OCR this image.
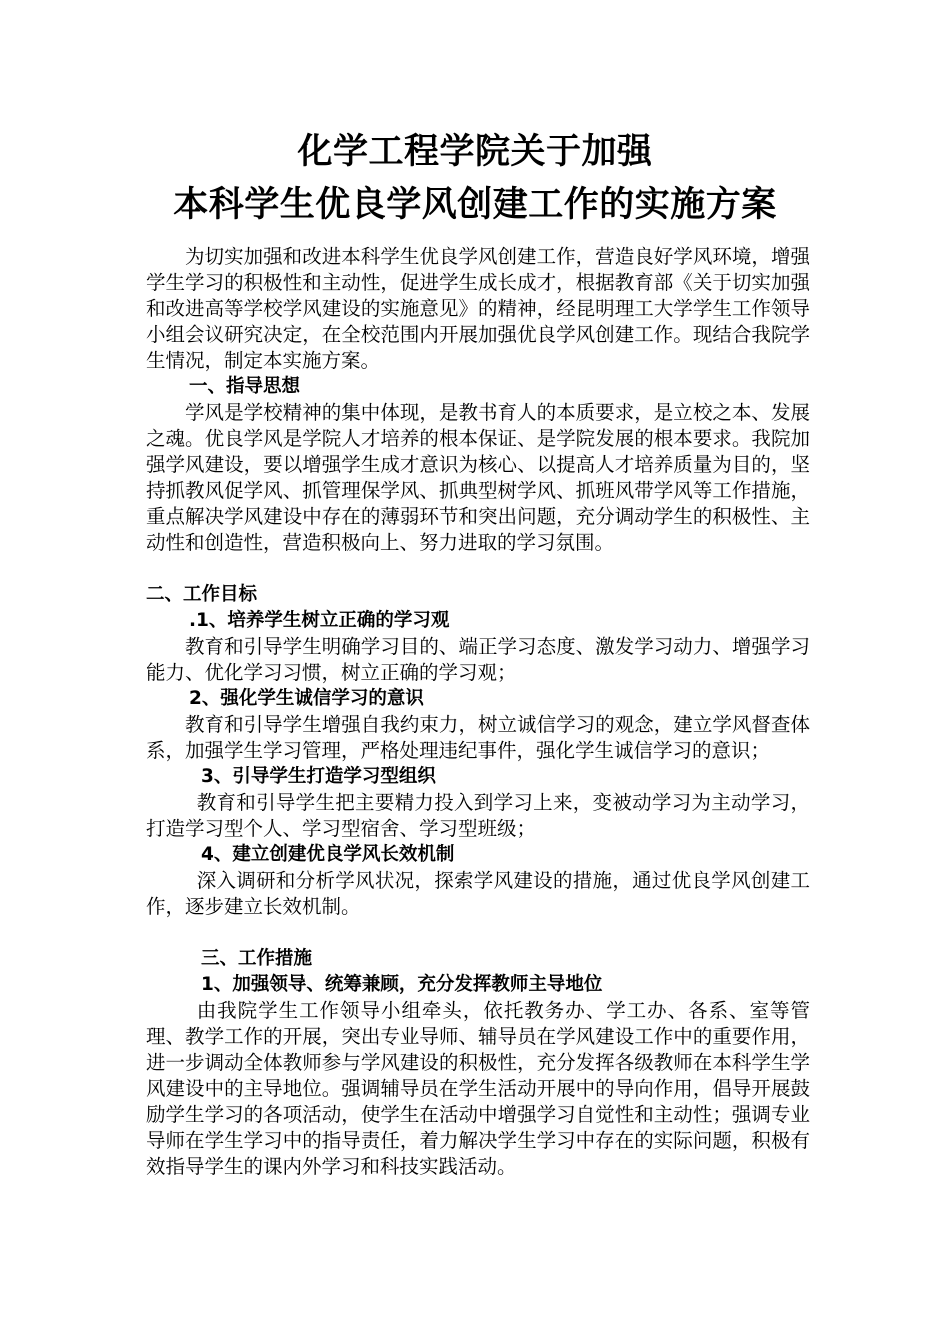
化学工程学院关于加强
本科学生优良学风创建工作的实施方案

为切实加强和改进本科学生优良学风创建工作，营造良好学风环境，增强学生学习的积极性和主动性，促进学生成长成才，根据教育部《关于切实加强和改进高等学校学风建设的实施意见》的精神，经昆明理工大学学生工作领导小组会议研究决定，在全校范围内开展加强优良学风创建工作。现结合我院学生情况，制定本实施方案。

一、指导思想

学风是学校精神的集中体现，是教书育人的本质要求，是立校之本、发展之魂。优良学风是学院人才培养的根本保证、是学院发展的根本要求。我院加强学风建设，要以增强学生成才意识为核心、以提高人才培养质量为目的，坚持抓教风促学风、抓管理保学风、抓典型树学风、抓班风带学风等工作措施，重点解决学风建设中存在的薄弱环节和突出问题，充分调动学生的积极性、主动性和创造性，营造积极向上、努力进取的学习氛围。

二、工作目标

.1、培养学生树立正确的学习观

教育和引导学生明确学习目的、端正学习态度、激发学习动力、增强学习能力、优化学习习惯，树立正确的学习观；

2、强化学生诚信学习的意识

教育和引导学生增强自我约束力，树立诚信学习的观念，建立学风督查体系，加强学生学习管理，严格处理违纪事件，强化学生诚信学习的意识；

3、引导学生打造学习型组织

教育和引导学生把主要精力投入到学习上来，变被动学习为主动学习，打造学习型个人、学习型宿舍、学习型班级；

4、建立创建优良学风长效机制

深入调研和分析学风状况，探索学风建设的措施，通过优良学风创建工作，逐步建立长效机制。

三、工作措施

1、加强领导、统筹兼顾，充分发挥教师主导地位

由我院学生工作领导小组牵头，依托教务办、学工办、各系、室等管理、教学工作的开展，突出专业导师、辅导员在学风建设工作中的重要作用，进一步调动全体教师参与学风建设的积极性，充分发挥各级教师在本科学生学风建设中的主导地位。强调辅导员在学生活动开展中的导向作用，倡导开展鼓励学生学习的各项活动，使学生在活动中增强学习自觉性和主动性；强调专业导师在学生学习中的指导责任，着力解决学生学习中存在的实际问题，积极有效指导学生的课内外学习和科技实践活动。
